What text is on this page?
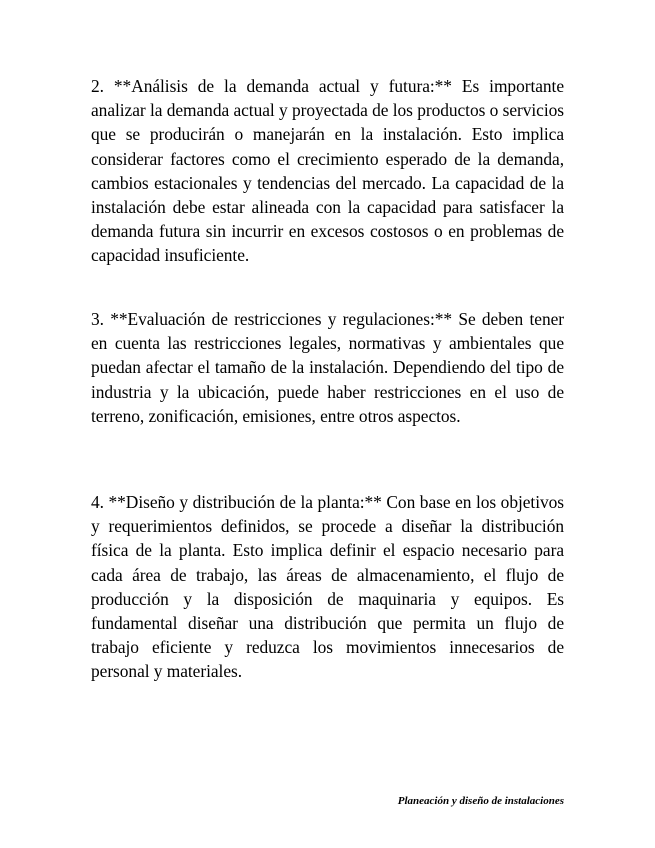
2. **Análisis de la demanda actual y futura:** Es importante analizar la demanda actual y proyectada de los productos o servicios que se producirán o manejarán en la instalación. Esto implica considerar factores como el crecimiento esperado de la demanda, cambios estacionales y tendencias del mercado. La capacidad de la instalación debe estar alineada con la capacidad para satisfacer la demanda futura sin incurrir en excesos costosos o en problemas de capacidad insuficiente.

3. **Evaluación de restricciones y regulaciones:** Se deben tener en cuenta las restricciones legales, normativas y ambientales que puedan afectar el tamaño de la instalación. Dependiendo del tipo de industria y la ubicación, puede haber restricciones en el uso de terreno, zonificación, emisiones, entre otros aspectos.

4. **Diseño y distribución de la planta:** Con base en los objetivos y requerimientos definidos, se procede a diseñar la distribución física de la planta. Esto implica definir el espacio necesario para cada área de trabajo, las áreas de almacenamiento, el flujo de producción y la disposición de maquinaria y equipos. Es fundamental diseñar una distribución que permita un flujo de trabajo eficiente y reduzca los movimientos innecesarios de personal y materiales.

Planeación y diseño de instalaciones
